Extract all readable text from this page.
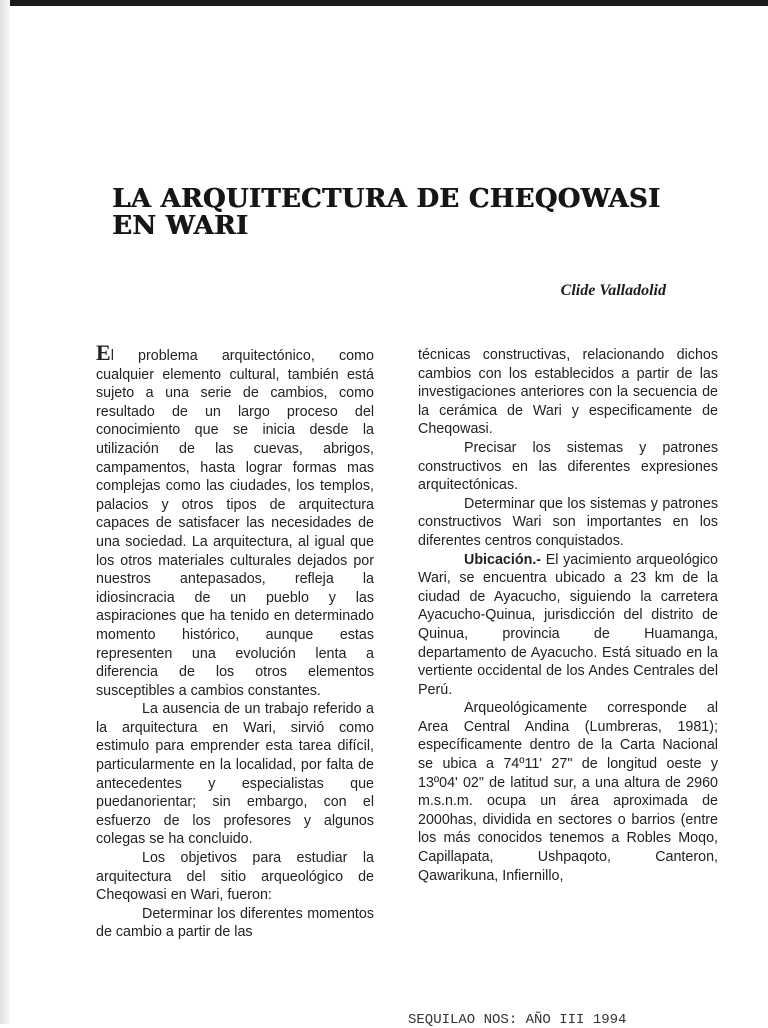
LA ARQUITECTURA DE CHEQOWASI EN WARI
Clide Valladolid

El problema arquitectónico, como cualquier elemento cultural, también está sujeto a una serie de cambios, como resultado de un largo proceso del conocimiento que se inicia desde la utilización de las cuevas, abrigos, campamentos, hasta lograr formas mas complejas como las ciudades, los templos, palacios y otros tipos de arquitectura capaces de satisfacer las necesidades de una sociedad. La arquitectura, al igual que los otros materiales culturales dejados por nuestros antepasados, refleja la idiosincracia de un pueblo y las aspiraciones que ha tenido en determinado momento histórico, aunque estas representen una evolución lenta a diferencia de los otros elementos susceptibles a cambios constantes.

La ausencia de un trabajo referido a la arquitectura en Wari, sirvió como estimulo para emprender esta tarea difícil, particularmente en la localidad, por falta de antecedentes y especialistas que puedanorientar; sin embargo, con el esfuerzo de los profesores y algunos colegas se ha concluido.

Los objetivos para estudiar la arquitectura del sitio arqueológico de Cheqowasi en Wari, fueron:

Determinar los diferentes momentos de cambio a partir de las

técnicas constructivas, relacionando dichos cambios con los establecidos a partir de las investigaciones anteriores con la secuencia de la cerámica de Wari y especificamente de Cheqowasi.

Precisar los sistemas y patrones constructivos en las diferentes expresiones arquitectónicas.

Determinar que los sistemas y patrones constructivos Wari son importantes en los diferentes centros conquistados.

Ubicación.- El yacimiento arqueológico Wari, se encuentra ubicado a 23 km de la ciudad de Ayacucho, siguiendo la carretera Ayacucho-Quinua, jurisdicción del distrito de Quinua, provincia de Huamanga, departamento de Ayacucho. Está situado en la vertiente occidental de los Andes Centrales del Perú.

Arqueológicamente corresponde al Area Central Andina (Lumbreras, 1981); específicamente dentro de la Carta Nacional se ubica a 74º11' 27" de longitud oeste y 13º04' 02" de latitud sur, a una altura de 2960 m.s.n.m. ocupa un área aproximada de 2000has, dividida en sectores o barrios (entre los más conocidos tenemos a Robles Moqo, Capillapata, Ushpaqoto, Canteron, Qawarikuna, Infiernillo,

SEQUILAO NOS: AÑO III 1994
